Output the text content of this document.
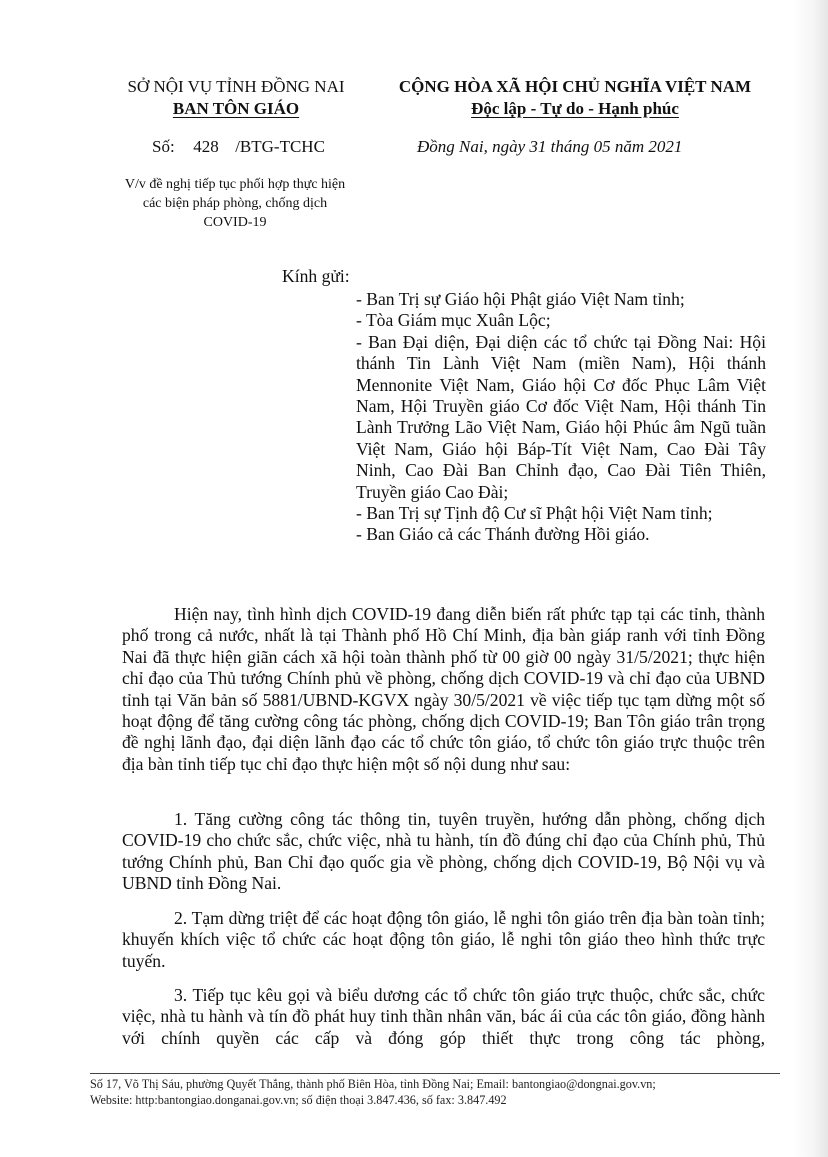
SỞ NỘI VỤ TỈNH ĐỒNG NAI
BAN TÔN GIÁO
CỘNG HÒA XÃ HỘI CHỦ NGHĨA VIỆT NAM
Độc lập - Tự do - Hạnh phúc
Số: 428 /BTG-TCHC	Đồng Nai, ngày 31 tháng 05 năm 2021
V/v đề nghị tiếp tục phối hợp thực hiện
các biện pháp phòng, chống dịch
COVID-19
Kính gửi:
- Ban Trị sự Giáo hội Phật giáo Việt Nam tỉnh;
- Tòa Giám mục Xuân Lộc;
- Ban Đại diện, Đại diện các tổ chức tại Đồng Nai: Hội thánh Tin Lành Việt Nam (miền Nam), Hội thánh Mennonite Việt Nam, Giáo hội Cơ đốc Phục Lâm Việt Nam, Hội Truyền giáo Cơ đốc Việt Nam, Hội thánh Tin Lành Trưởng Lão Việt Nam, Giáo hội Phúc âm Ngũ tuần Việt Nam, Giáo hội Báp-Tít Việt Nam, Cao Đài Tây Ninh, Cao Đài Ban Chỉnh đạo, Cao Đài Tiên Thiên, Truyền giáo Cao Đài;
- Ban Trị sự Tịnh độ Cư sĩ Phật hội Việt Nam tỉnh;
- Ban Giáo cả các Thánh đường Hồi giáo.
Hiện nay, tình hình dịch COVID-19 đang diễn biến rất phức tạp tại các tỉnh, thành phố trong cả nước, nhất là tại Thành phố Hồ Chí Minh, địa bàn giáp ranh với tỉnh Đồng Nai đã thực hiện giãn cách xã hội toàn thành phố từ 00 giờ 00 ngày 31/5/2021; thực hiện chỉ đạo của Thủ tướng Chính phủ về phòng, chống dịch COVID-19 và chỉ đạo của UBND tỉnh tại Văn bản số 5881/UBND-KGVX ngày 30/5/2021 về việc tiếp tục tạm dừng một số hoạt động để tăng cường công tác phòng, chống dịch COVID-19; Ban Tôn giáo trân trọng đề nghị lãnh đạo, đại diện lãnh đạo các tổ chức tôn giáo, tổ chức tôn giáo trực thuộc trên địa bàn tỉnh tiếp tục chỉ đạo thực hiện một số nội dung như sau:
1. Tăng cường công tác thông tin, tuyên truyền, hướng dẫn phòng, chống dịch COVID-19 cho chức sắc, chức việc, nhà tu hành, tín đồ đúng chỉ đạo của Chính phủ, Thủ tướng Chính phủ, Ban Chỉ đạo quốc gia về phòng, chống dịch COVID-19, Bộ Nội vụ và UBND tỉnh Đồng Nai.
2. Tạm dừng triệt để các hoạt động tôn giáo, lễ nghi tôn giáo trên địa bàn toàn tỉnh; khuyến khích việc tổ chức các hoạt động tôn giáo, lễ nghi tôn giáo theo hình thức trực tuyến.
3. Tiếp tục kêu gọi và biểu dương các tổ chức tôn giáo trực thuộc, chức sắc, chức việc, nhà tu hành và tín đồ phát huy tinh thần nhân văn, bác ái của các tôn giáo, đồng hành với chính quyền các cấp và đóng góp thiết thực trong công tác phòng,
Số 17, Võ Thị Sáu, phường Quyết Thắng, thành phố Biên Hòa, tỉnh Đồng Nai; Email: bantongiao@dongnai.gov.vn;
Website: http:bantongiao.donganai.gov.vn; số điện thoại 3.847.436, số fax: 3.847.492
